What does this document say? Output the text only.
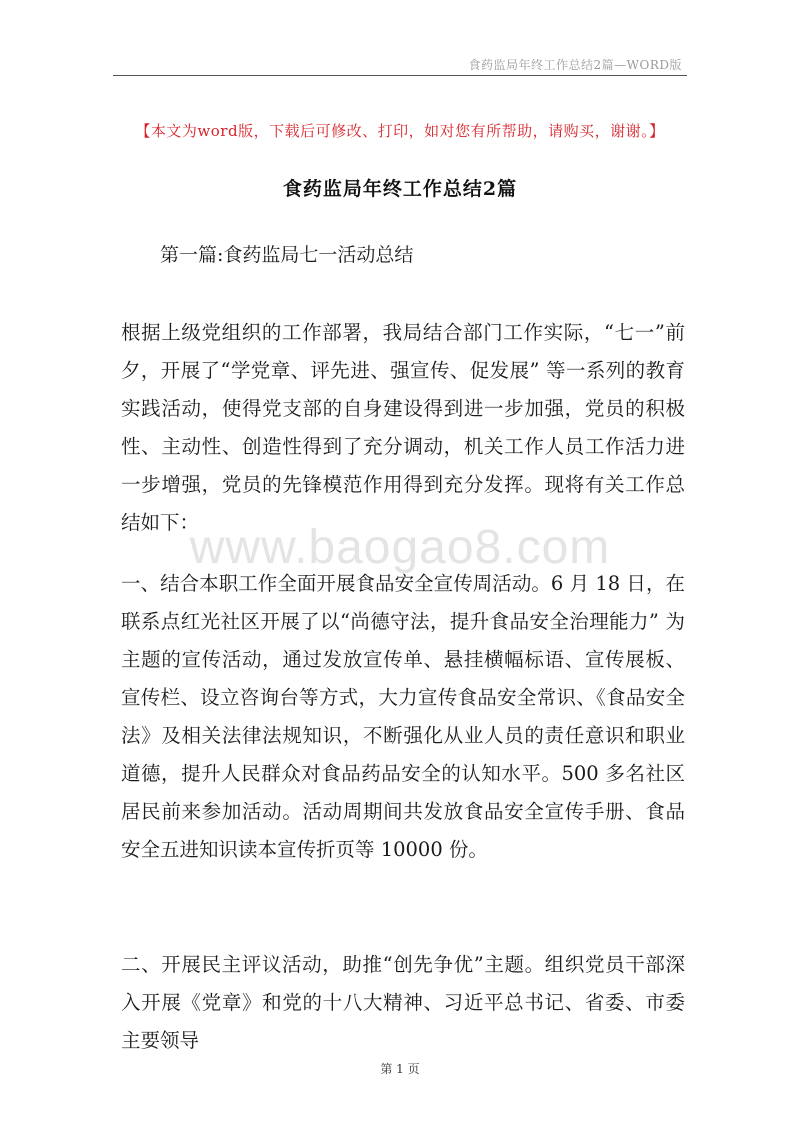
食药监局年终工作总结2篇—WORD版
【本文为word版，下载后可修改、打印，如对您有所帮助，请购买，谢谢。】
食药监局年终工作总结2篇
第一篇:食药监局七一活动总结

根据上级党组织的工作部署，我局结合部门工作实际，“七一”前夕，开展了“学党章、评先进、强宣传、促发展” 等一系列的教育实践活动，使得党支部的自身建设得到进一步加强，党员的积极性、主动性、创造性得到了充分调动，机关工作人员工作活力进一步增强，党员的先锋模范作用得到充分发挥。现将有关工作总结如下：

www.baogao8.com

一、结合本职工作全面开展食品安全宣传周活动。6 月 18 日，在联系点红光社区开展了以“尚德守法，提升食品安全治理能力” 为主题的宣传活动，通过发放宣传单、悬挂横幅标语、宣传展板、宣传栏、设立咨询台等方式，大力宣传食品安全常识、《食品安全法》及相关法律法规知识，不断强化从业人员的责任意识和职业道德，提升人民群众对食品药品安全的认知水平。500 多名社区居民前来参加活动。活动周期间共发放食品安全宣传手册、食品安全五进知识读本宣传折页等 10000 份。

二、开展民主评议活动，助推“创先争优”主题。组织党员干部深入开展《党章》和党的十八大精神、习近平总书记、省委、市委主要领导

第 1 页
